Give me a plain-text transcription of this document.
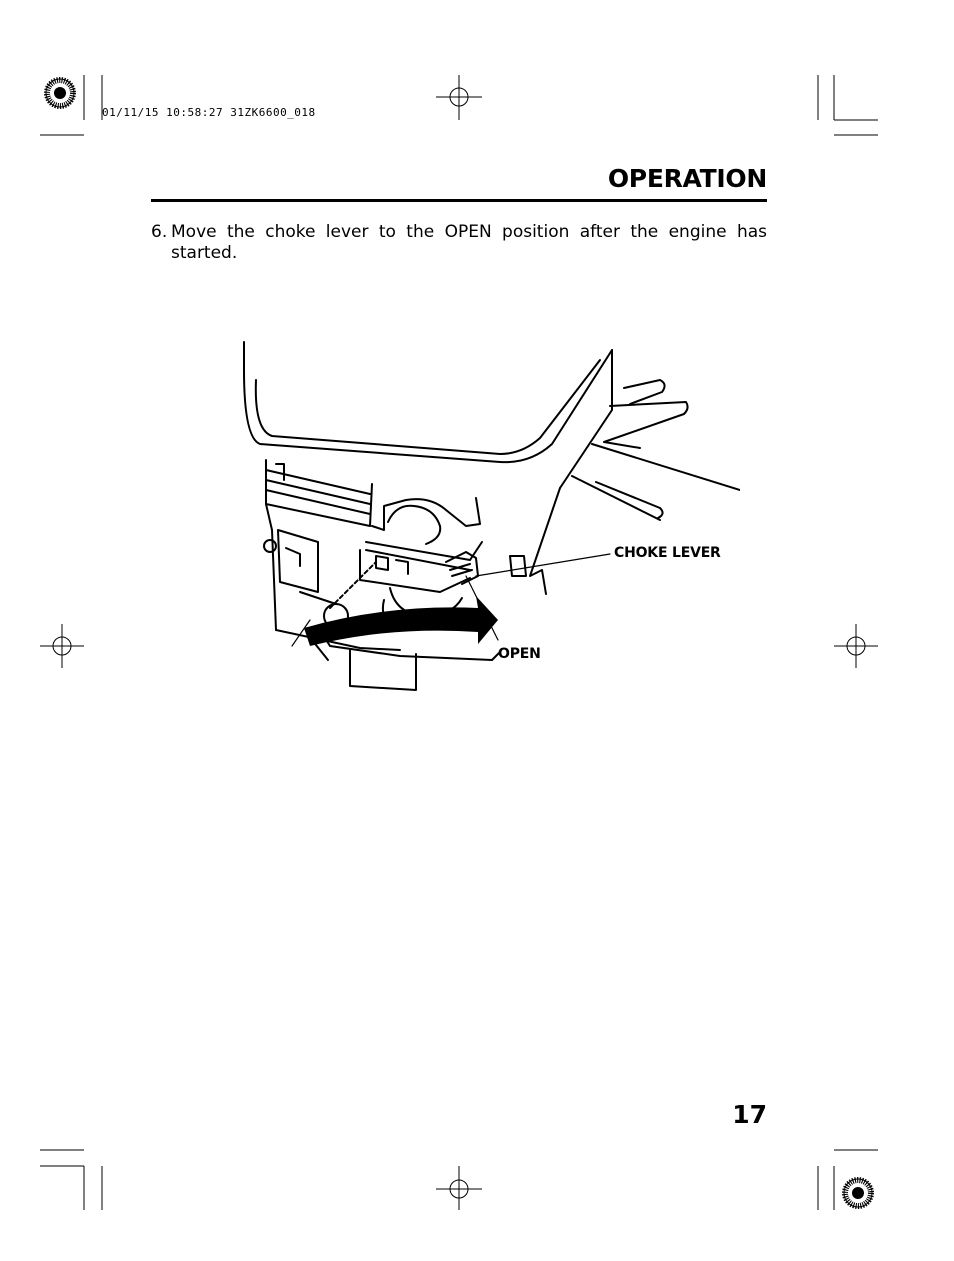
01/11/15 10:58:27 31ZK6600_018
OPERATION
6. Move the choke lever to the OPEN position after the engine has started.
CHOKE LEVER
OPEN
17
